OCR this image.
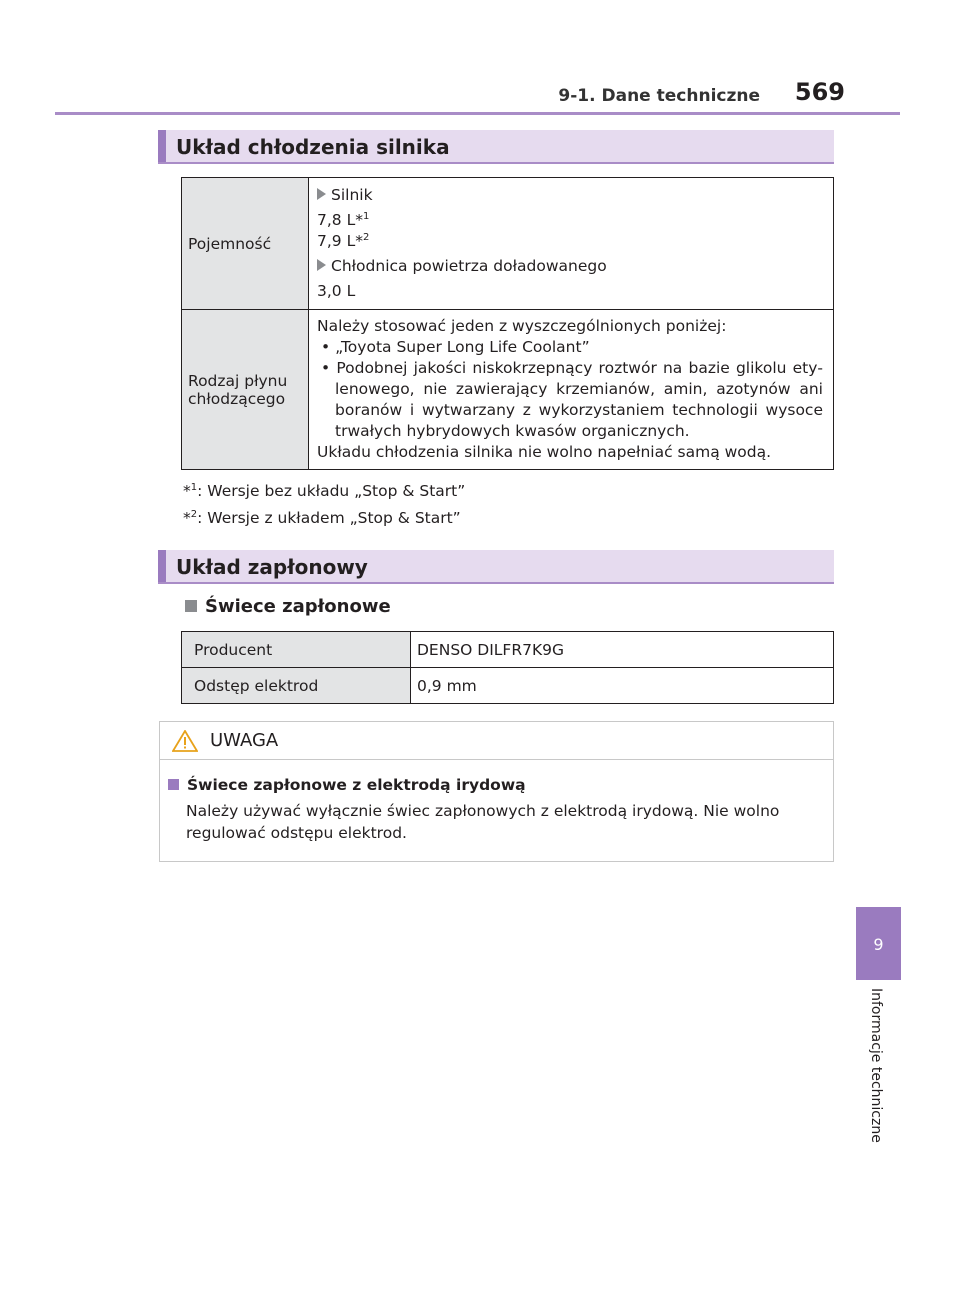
9-1. Dane techniczne 569
Układ chłodzenia silnika
Pojemność	Silnik
7,8 L*$^1$
7,9 L*$^2$
Chłodnica powietrza doładowanego
3,0 L

Rodzaj płynu chłodzącego	Należy stosować jeden z wyszczególnionych poniżej:
• „Toyota Super Long Life Coolant”
• Podobnej jakości niskokrzepnący roztwór na bazie glikolu etylenowego, nie zawierający krzemianów, amin, azotynów ani boranów i wytwarzany z wykorzystaniem technologii wysoce trwałych hybrydowych kwasów organicznych.
Układu chłodzenia silnika nie wolno napełniać samą wodą.
*$^1$: Wersje bez układu „Stop & Start”
*$^2$: Wersje z układem „Stop & Start”
Układ zapłonowy
Świece zapłonowe
Producent	DENSO DILFR7K9G
Odstęp elektrod	0,9 mm
UWAGA
Świece zapłonowe z elektrodą irydową
Należy używać wyłącznie świec zapłonowych z elektrodą irydową. Nie wolno regulować odstępu elektrod.
9
Informacje techniczne
